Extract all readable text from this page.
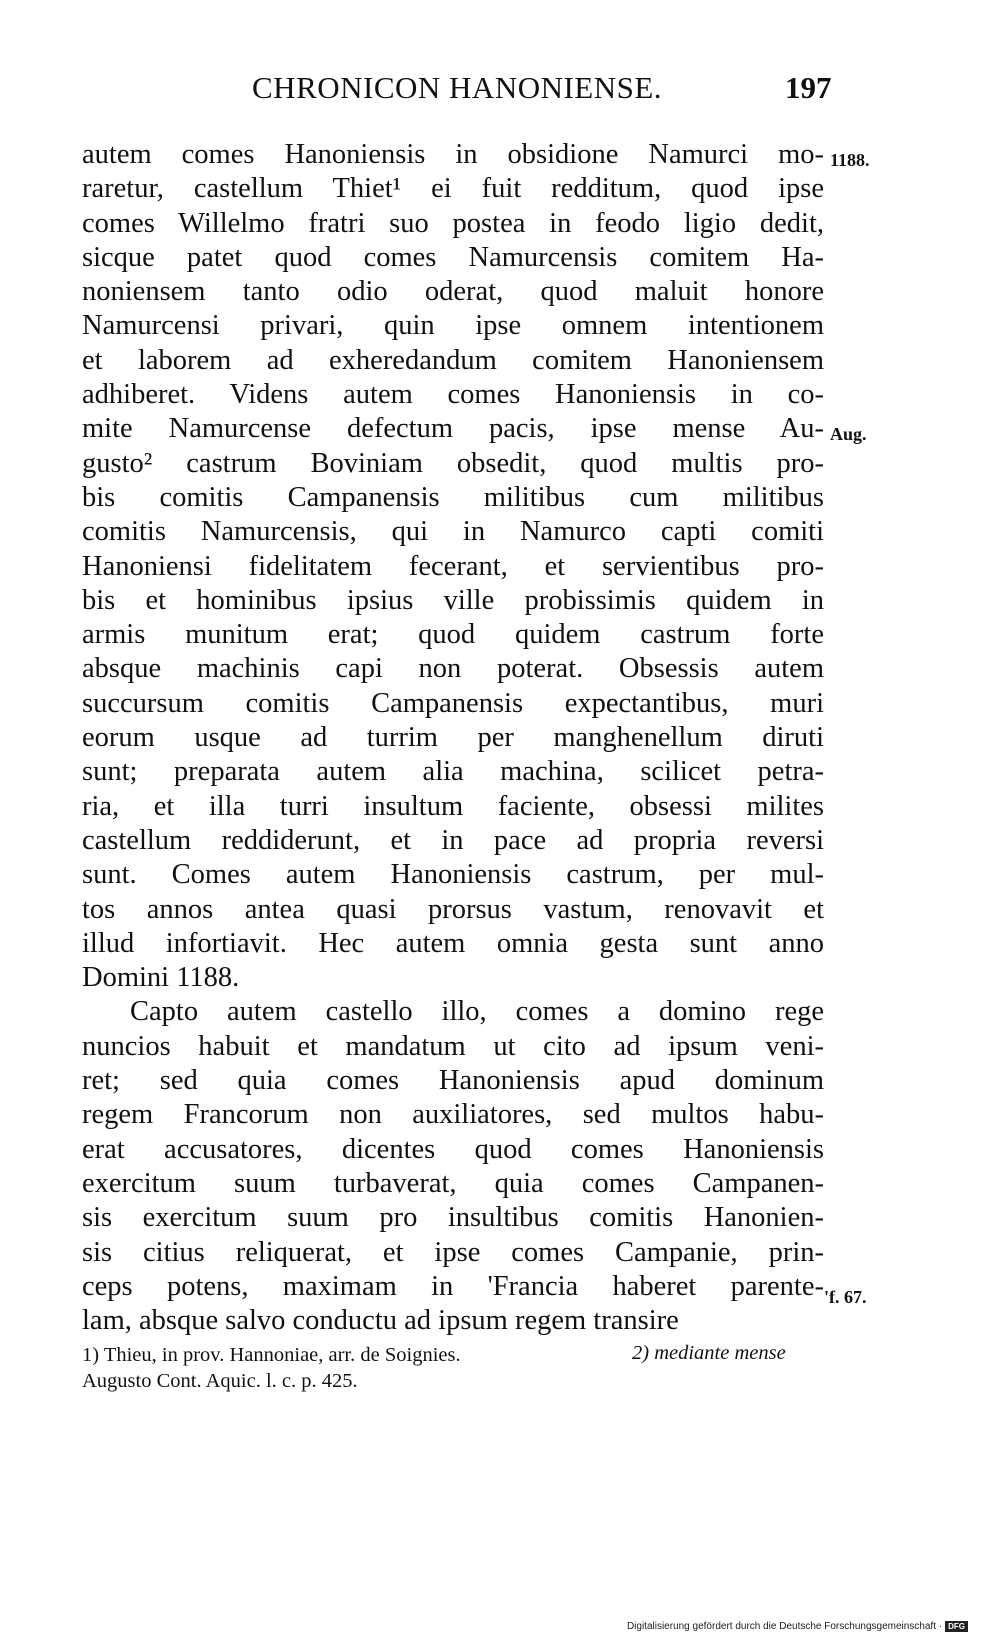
CHRONICON HANONIENSE.	197
autem comes Hanoniensis in obsidione Namurci mo-
raretur, castellum Thiet¹ ei fuit redditum, quod ipse
comes Willelmo fratri suo postea in feodo ligio dedit,
sicque patet quod comes Namurcensis comitem Ha-
noniensem tanto odio oderat, quod maluit honore
Namurcensi privari, quin ipse omnem intentionem
et laborem ad exheredandum comitem Hanoniensem
adhiberet. Videns autem comes Hanoniensis in co-
mite Namurcense defectum pacis, ipse mense Au-
gusto² castrum Boviniam obsedit, quod multis pro-
bis comitis Campanensis militibus cum militibus
comitis Namurcensis, qui in Namurco capti comiti
Hanoniensi fidelitatem fecerant, et servientibus pro-
bis et hominibus ipsius ville probissimis quidem in
armis munitum erat; quod quidem castrum forte
absque machinis capi non poterat. Obsessis autem
succursum comitis Campanensis expectantibus, muri
eorum usque ad turrim per manghenellum diruti
sunt; preparata autem alia machina, scilicet petra-
ria, et illa turri insultum faciente, obsessi milites
castellum reddiderunt, et in pace ad propria reversi
sunt. Comes autem Hanoniensis castrum, per mul-
tos annos antea quasi prorsus vastum, renovavit et
illud infortiavit. Hec autem omnia gesta sunt anno
Domini 1188.
Capto autem castello illo, comes a domino rege
nuncios habuit et mandatum ut cito ad ipsum veni-
ret; sed quia comes Hanoniensis apud dominum
regem Francorum non auxiliatores, sed multos habu-
erat accusatores, dicentes quod comes Hanoniensis
exercitum suum turbaverat, quia comes Campanen-
sis exercitum suum pro insultibus comitis Hanonien-
sis citius reliquerat, et ipse comes Campanie, prin-
ceps potens, maximam in 'Francia haberet parente-
lam, absque salvo conductu ad ipsum regem transire
1188.
Aug.
'f. 67.
1) Thieu, in prov. Hannoniae, arr. de Soignies.	2) mediante mense
Augusto Cont. Aquic. l. c. p. 425.
Digitalisierung gefördert durch die Deutsche Forschungsgemeinschaft · DFG
